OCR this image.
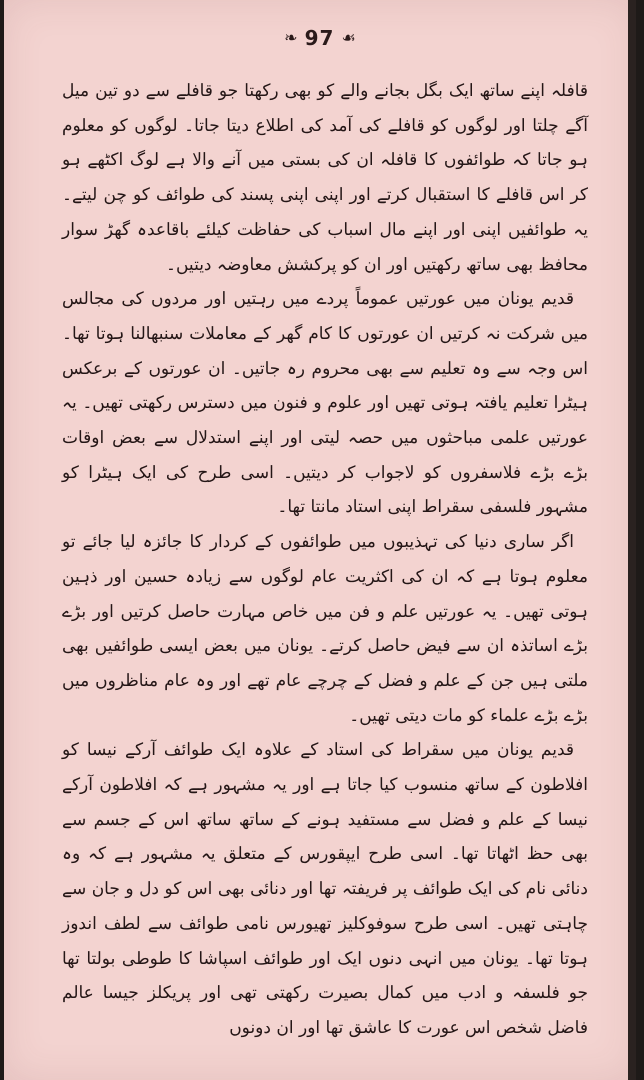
❧ 97 ☙

قافلہ اپنے ساتھ ایک بگل بجانے والے کو بھی رکھتا جو قافلے سے دو تین میل آگے چلتا اور لوگوں کو قافلے کی آمد کی اطلاع دیتا جاتا۔ لوگوں کو معلوم ہو جاتا کہ طوائفوں کا قافلہ ان کی بستی میں آنے والا ہے لوگ اکٹھے ہو کر اس قافلے کا استقبال کرتے اور اپنی اپنی پسند کی طوائف کو چن لیتے۔ یہ طوائفیں اپنی اور اپنے مال اسباب کی حفاظت کیلئے باقاعدہ گھڑ سوار محافظ بھی ساتھ رکھتیں اور ان کو پرکشش معاوضہ دیتیں۔

قدیم یونان میں عورتیں عموماً پردے میں رہتیں اور مردوں کی مجالس میں شرکت نہ کرتیں ان عورتوں کا کام گھر کے معاملات سنبھالنا ہوتا تھا۔ اس وجہ سے وہ تعلیم سے بھی محروم رہ جاتیں۔ ان عورتوں کے برعکس ہیٹرا تعلیم یافتہ ہوتی تھیں اور علوم و فنون میں دسترس رکھتی تھیں۔ یہ عورتیں علمی مباحثوں میں حصہ لیتی اور اپنے استدلال سے بعض اوقات بڑے بڑے فلاسفروں کو لاجواب کر دیتیں۔ اسی طرح کی ایک ہیٹرا کو مشہور فلسفی سقراط اپنی استاد مانتا تھا۔

اگر ساری دنیا کی تہذیبوں میں طوائفوں کے کردار کا جائزہ لیا جائے تو معلوم ہوتا ہے کہ ان کی اکثریت عام لوگوں سے زیادہ حسین اور ذہین ہوتی تھیں۔ یہ عورتیں علم و فن میں خاص مہارت حاصل کرتیں اور بڑے بڑے اساتذہ ان سے فیض حاصل کرتے۔ یونان میں بعض ایسی طوائفیں بھی ملتی ہیں جن کے علم و فضل کے چرچے عام تھے اور وہ عام مناظروں میں بڑے بڑے علماء کو مات دیتی تھیں۔

قدیم یونان میں سقراط کی استاد کے علاوہ ایک طوائف آرکے نیسا کو افلاطون کے ساتھ منسوب کیا جاتا ہے اور یہ مشہور ہے کہ افلاطون آرکے نیسا کے علم و فضل سے مستفید ہونے کے ساتھ ساتھ اس کے جسم سے بھی حظ اٹھاتا تھا۔ اسی طرح ایپقورس کے متعلق یہ مشہور ہے کہ وہ دنائی نام کی ایک طوائف پر فریفتہ تھا اور دنائی بھی اس کو دل و جان سے چاہتی تھیں۔ اسی طرح سوفوکلیز تھیورس نامی طوائف سے لطف اندوز ہوتا تھا۔ یونان میں انہی دنوں ایک اور طوائف اسپاشا کا طوطی بولتا تھا جو فلسفہ و ادب میں کمال بصیرت رکھتی تھی اور پریکلز جیسا عالم فاضل شخص اس عورت کا عاشق تھا اور ان دونوں
